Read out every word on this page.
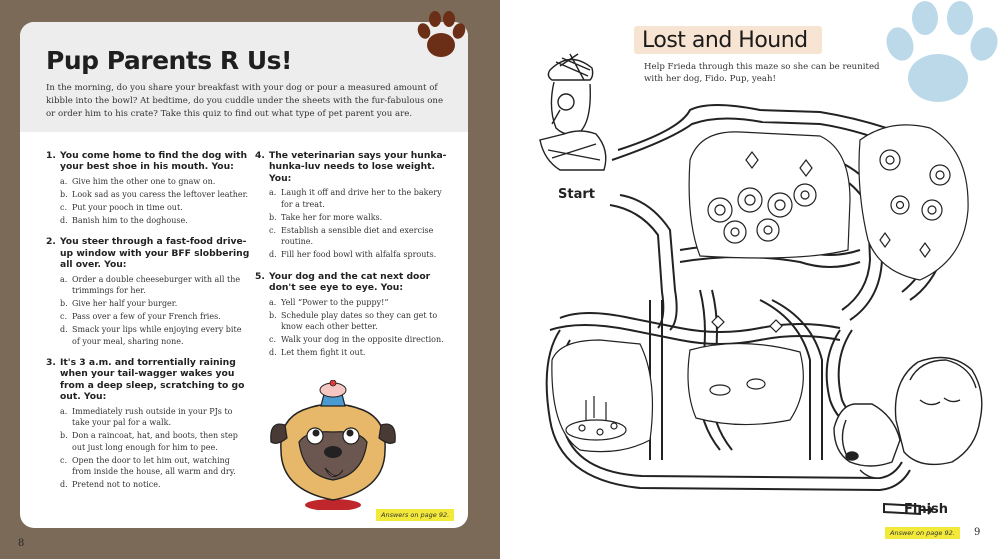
Pup Parents R Us!
In the morning, do you share your breakfast with your dog or pour a measured amount of kibble into the bowl? At bedtime, do you cuddle under the sheets with the fur-fabulous one or order him to his crate? Take this quiz to find out what type of pet parent you are.
1. You come home to find the dog with your best shoe in his mouth. You:
a. Give him the other one to gnaw on.
b. Look sad as you caress the leftover leather.
c. Put your pooch in time out.
d. Banish him to the doghouse.
2. You steer through a fast-food drive-up window with your BFF slobbering all over. You:
a. Order a double cheeseburger with all the trimmings for her.
b. Give her half your burger.
c. Pass over a few of your French fries.
d. Smack your lips while enjoying every bite of your meal, sharing none.
3. It's 3 a.m. and torrentially raining when your tail-wagger wakes you from a deep sleep, scratching to go out. You:
a. Immediately rush outside in your PJs to take your pal for a walk.
b. Don a raincoat, hat, and boots, then step out just long enough for him to pee.
c. Open the door to let him out, watching from inside the house, all warm and dry.
d. Pretend not to notice.
4. The veterinarian says your hunka-hunka-luv needs to lose weight. You:
a. Laugh it off and drive her to the bakery for a treat.
b. Take her for more walks.
c. Establish a sensible diet and exercise routine.
d. Fill her food bowl with alfalfa sprouts.
5. Your dog and the cat next door don't see eye to eye. You:
a. Yell “Power to the puppy!”
b. Schedule play dates so they can get to know each other better.
c. Walk your dog in the opposite direction.
d. Let them fight it out.
Answers on page 92.
8
Lost and Hound
Help Frieda through this maze so she can be reunited with her dog, Fido. Pup, yeah!
Start
Finish
Answer on page 92.	9
